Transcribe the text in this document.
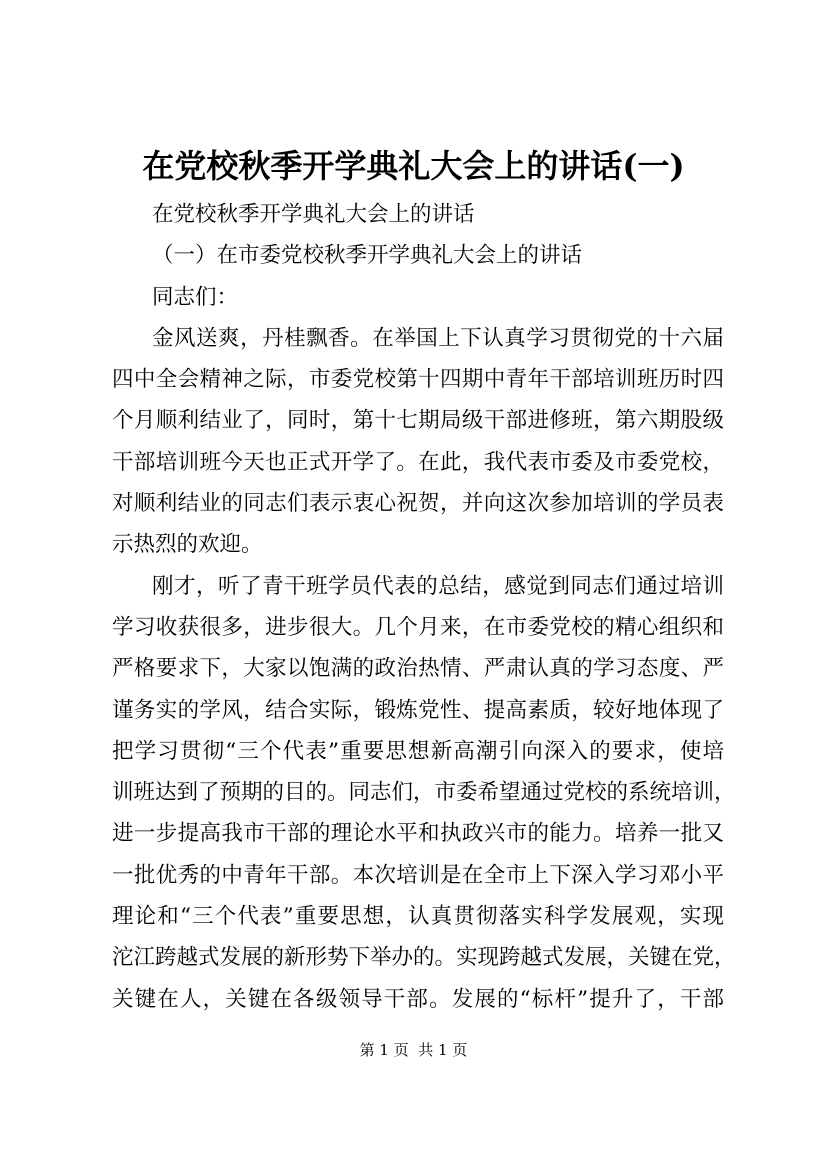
在党校秋季开学典礼大会上的讲话(一)
在党校秋季开学典礼大会上的讲话
（一）在市委党校秋季开学典礼大会上的讲话
同志们：
金风送爽，丹桂飘香。在举国上下认真学习贯彻党的十六届
四中全会精神之际，市委党校第十四期中青年干部培训班历时四
个月顺利结业了，同时，第十七期局级干部进修班，第六期股级
干部培训班今天也正式开学了。在此，我代表市委及市委党校，
对顺利结业的同志们表示衷心祝贺，并向这次参加培训的学员表
示热烈的欢迎。
刚才，听了青干班学员代表的总结，感觉到同志们通过培训
学习收获很多，进步很大。几个月来，在市委党校的精心组织和
严格要求下，大家以饱满的政治热情、严肃认真的学习态度、严
谨务实的学风，结合实际，锻炼党性、提高素质，较好地体现了
把学习贯彻“三个代表”重要思想新高潮引向深入的要求，使培
训班达到了预期的目的。同志们，市委希望通过党校的系统培训，
进一步提高我市干部的理论水平和执政兴市的能力。培养一批又
一批优秀的中青年干部。本次培训是在全市上下深入学习邓小平
理论和“三个代表”重要思想，认真贯彻落实科学发展观，实现
沱江跨越式发展的新形势下举办的。实现跨越式发展，关键在党，
关键在人，关键在各级领导干部。发展的“标杆”提升了，干部
第 1 页  共 1 页
